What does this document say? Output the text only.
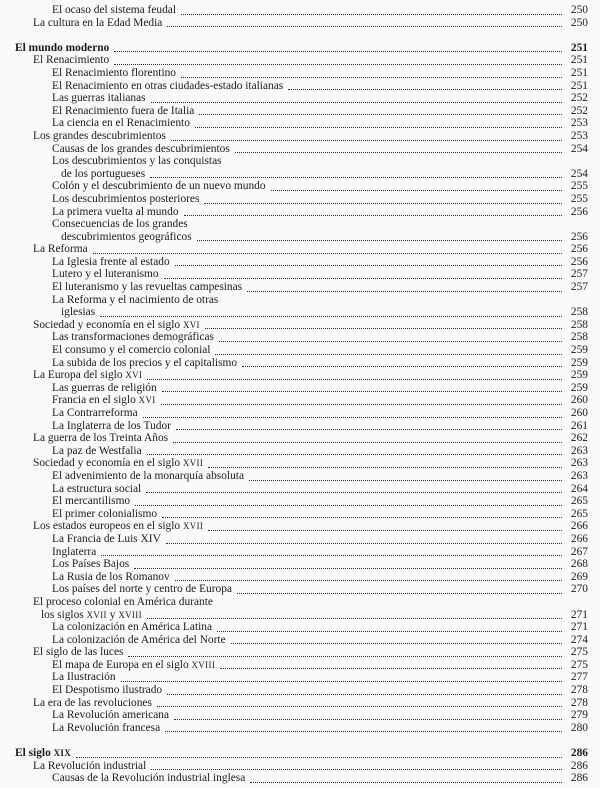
El ocaso del sistema feudal	250
La cultura en la Edad Media	250
El mundo moderno	251
El Renacimiento	251
El Renacimiento florentino	251
El Renacimiento en otras ciudades-estado italianas	251
Las guerras italianas	252
El Renacimiento fuera de Italia	252
La ciencia en el Renacimiento	253
Los grandes descubrimientos	253
Causas de los grandes descubrimientos	254
Los descubrimientos y las conquistas
de los portugueses	254
Colón y el descubrimiento de un nuevo mundo	255
Los descubrimientos posteriores	255
La primera vuelta al mundo	256
Consecuencias de los grandes
descubrimientos geográficos	256
La Reforma	256
La Iglesia frente al estado	256
Lutero y el luteranismo	257
El luteranismo y las revueltas campesinas	257
La Reforma y el nacimiento de otras
iglesias	258
Sociedad y economía en el siglo XVI	258
Las transformaciones demográficas	258
El consumo y el comercio colonial	259
La subida de los precios y el capitalismo	259
La Europa del siglo XVI	259
Las guerras de religión	259
Francia en el siglo XVI	260
La Contrarreforma	260
La Inglaterra de los Tudor	261
La guerra de los Treinta Años	262
La paz de Westfalia	263
Sociedad y economía en el siglo XVII	263
El advenimiento de la monarquía absoluta	263
La estructura social	264
El mercantilismo	265
El primer colonialismo	265
Los estados europeos en el siglo XVII	266
La Francia de Luis XIV	266
Inglaterra	267
Los Países Bajos	268
La Rusia de los Romanov	269
Los países del norte y centro de Europa	270
El proceso colonial en América durante
los siglos XVII y XVIII	271
La colonización en América Latina	271
La colonización de América del Norte	274
El siglo de las luces	275
El mapa de Europa en el siglo XVIII	275
La Ilustración	277
El Despotismo ilustrado	278
La era de las revoluciones	278
La Revolución americana	279
La Revolución francesa	280
El siglo XIX	286
La Revolución industrial	286
Causas de la Revolución industrial inglesa	286
